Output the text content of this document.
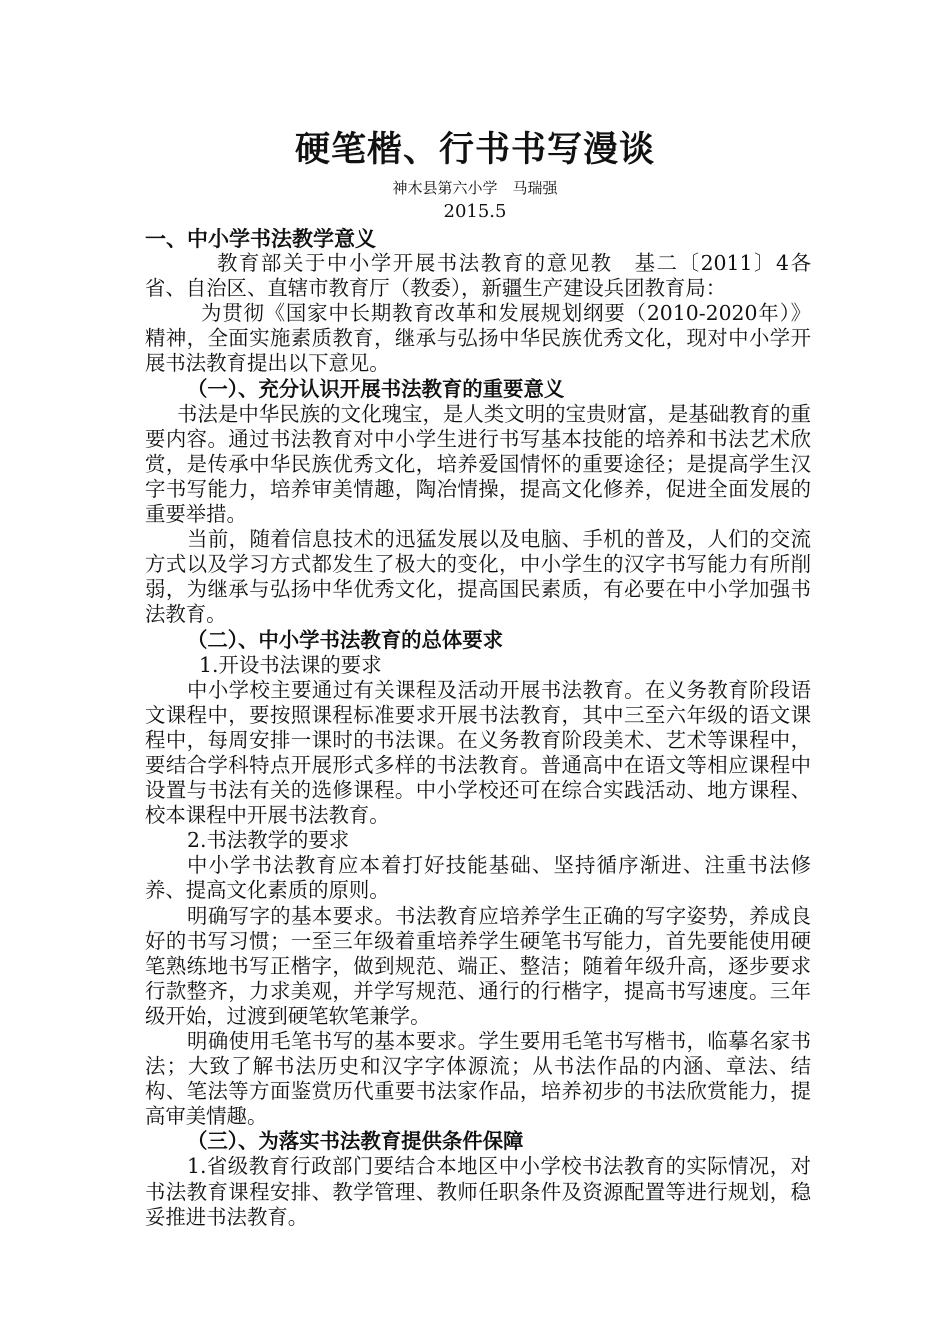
硬笔楷、行书书写漫谈
神木县第六小学　马瑞强
2015.5

一、中小学书法教学意义

教育部关于中小学开展书法教育的意见教　基二〔2011〕4各省、自治区、直辖市教育厅（教委），新疆生产建设兵团教育局：

为贯彻《国家中长期教育改革和发展规划纲要（2010-2020年）》精神，全面实施素质教育，继承与弘扬中华民族优秀文化，现对中小学开展书法教育提出以下意见。

（一）、充分认识开展书法教育的重要意义

书法是中华民族的文化瑰宝，是人类文明的宝贵财富，是基础教育的重要内容。通过书法教育对中小学生进行书写基本技能的培养和书法艺术欣赏，是传承中华民族优秀文化，培养爱国情怀的重要途径；是提高学生汉字书写能力，培养审美情趣，陶冶情操，提高文化修养，促进全面发展的重要举措。

当前，随着信息技术的迅猛发展以及电脑、手机的普及，人们的交流方式以及学习方式都发生了极大的变化，中小学生的汉字书写能力有所削弱，为继承与弘扬中华优秀文化，提高国民素质，有必要在中小学加强书法教育。

（二）、中小学书法教育的总体要求

1.开设书法课的要求

中小学校主要通过有关课程及活动开展书法教育。在义务教育阶段语文课程中，要按照课程标准要求开展书法教育，其中三至六年级的语文课程中，每周安排一课时的书法课。在义务教育阶段美术、艺术等课程中，要结合学科特点开展形式多样的书法教育。普通高中在语文等相应课程中设置与书法有关的选修课程。中小学校还可在综合实践活动、地方课程、校本课程中开展书法教育。

2.书法教学的要求

中小学书法教育应本着打好技能基础、坚持循序渐进、注重书法修养、提高文化素质的原则。

明确写字的基本要求。书法教育应培养学生正确的写字姿势，养成良好的书写习惯；一至三年级着重培养学生硬笔书写能力，首先要能使用硬笔熟练地书写正楷字，做到规范、端正、整洁；随着年级升高，逐步要求行款整齐，力求美观，并学写规范、通行的行楷字，提高书写速度。三年级开始，过渡到硬笔软笔兼学。

明确使用毛笔书写的基本要求。学生要用毛笔书写楷书，临摹名家书法；大致了解书法历史和汉字字体源流；从书法作品的内涵、章法、结构、笔法等方面鉴赏历代重要书法家作品，培养初步的书法欣赏能力，提高审美情趣。

（三）、为落实书法教育提供条件保障

1.省级教育行政部门要结合本地区中小学校书法教育的实际情况，对书法教育课程安排、教学管理、教师任职条件及资源配置等进行规划，稳妥推进书法教育。
